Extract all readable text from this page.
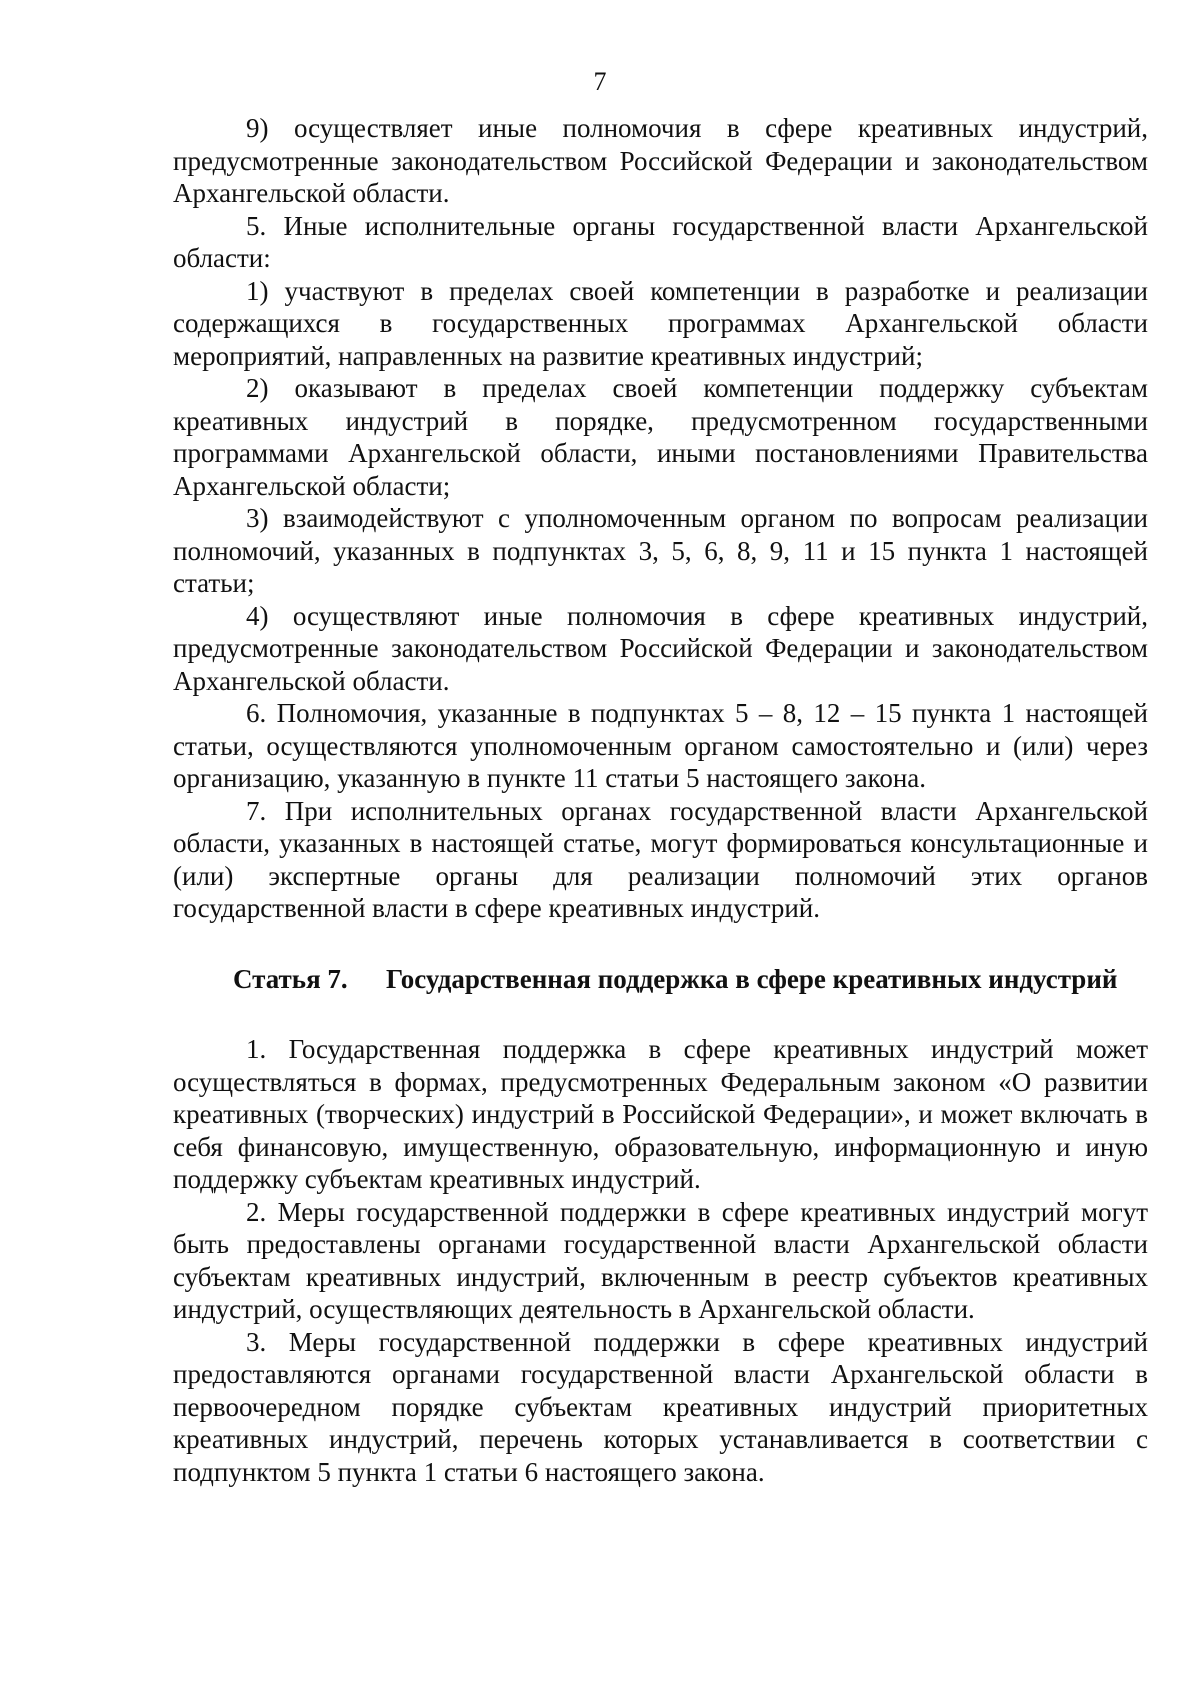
7

9) осуществляет иные полномочия в сфере креативных индустрий, предусмотренные законодательством Российской Федерации и законодательством Архангельской области.

5. Иные исполнительные органы государственной власти Архангельской области:

1) участвуют в пределах своей компетенции в разработке и реализации содержащихся в государственных программах Архангельской области мероприятий, направленных на развитие креативных индустрий;

2) оказывают в пределах своей компетенции поддержку субъектам креативных индустрий в порядке, предусмотренном государственными программами Архангельской области, иными постановлениями Правительства Архангельской области;

3) взаимодействуют с уполномоченным органом по вопросам реализации полномочий, указанных в подпунктах 3, 5, 6, 8, 9, 11 и 15 пункта 1 настоящей статьи;

4) осуществляют иные полномочия в сфере креативных индустрий, предусмотренные законодательством Российской Федерации и законодательством Архангельской области.

6. Полномочия, указанные в подпунктах 5 – 8, 12 – 15 пункта 1 настоящей статьи, осуществляются уполномоченным органом самостоятельно и (или) через организацию, указанную в пункте 11 статьи 5 настоящего закона.

7. При исполнительных органах государственной власти Архангельской области, указанных в настоящей статье, могут формироваться консультационные и (или) экспертные органы для реализации полномочий этих органов государственной власти в сфере креативных индустрий.

Статья 7.	Государственная поддержка в сфере креативных индустрий

1. Государственная поддержка в сфере креативных индустрий может осуществляться в формах, предусмотренных Федеральным законом «О развитии креативных (творческих) индустрий в Российской Федерации», и может включать в себя финансовую, имущественную, образовательную, информационную и иную поддержку субъектам креативных индустрий.

2. Меры государственной поддержки в сфере креативных индустрий могут быть предоставлены органами государственной власти Архангельской области субъектам креативных индустрий, включенным в реестр субъектов креативных индустрий, осуществляющих деятельность в Архангельской области.

3. Меры государственной поддержки в сфере креативных индустрий предоставляются органами государственной власти Архангельской области в первоочередном порядке субъектам креативных индустрий приоритетных креативных индустрий, перечень которых устанавливается в соответствии с подпунктом 5 пункта 1 статьи 6 настоящего закона.
